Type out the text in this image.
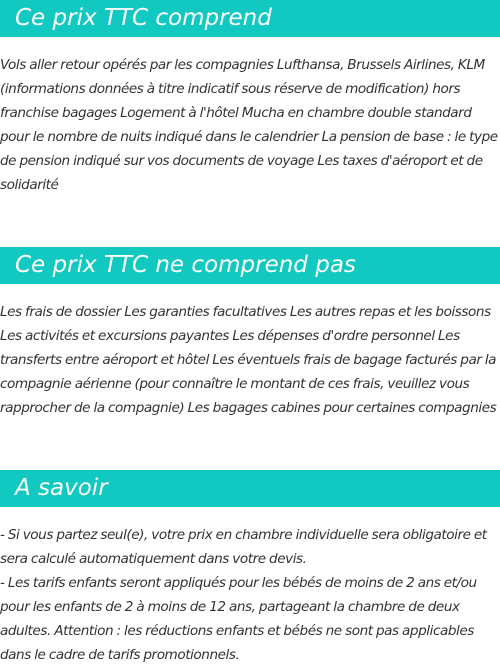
Ce prix TTC comprend

Vols aller retour opérés par les compagnies Lufthansa, Brussels Airlines, KLM (informations données à titre indicatif sous réserve de modification) hors franchise bagages Logement à l'hôtel Mucha en chambre double standard pour le nombre de nuits indiqué dans le calendrier La pension de base : le type de pension indiqué sur vos documents de voyage Les taxes d'aéroport et de solidarité

Ce prix TTC ne comprend pas

Les frais de dossier Les garanties facultatives Les autres repas et les boissons Les activités et excursions payantes Les dépenses d'ordre personnel Les transferts entre aéroport et hôtel Les éventuels frais de bagage facturés par la compagnie aérienne (pour connaître le montant de ces frais, veuillez vous rapprocher de la compagnie) Les bagages cabines pour certaines compagnies

A savoir

- Si vous partez seul(e), votre prix en chambre individuelle sera obligatoire et sera calculé automatiquement dans votre devis.

- Les tarifs enfants seront appliqués pour les bébés de moins de 2 ans et/ou pour les enfants de 2 à moins de 12 ans, partageant la chambre de deux adultes. Attention : les réductions enfants et bébés ne sont pas applicables dans le cadre de tarifs promotionnels.
